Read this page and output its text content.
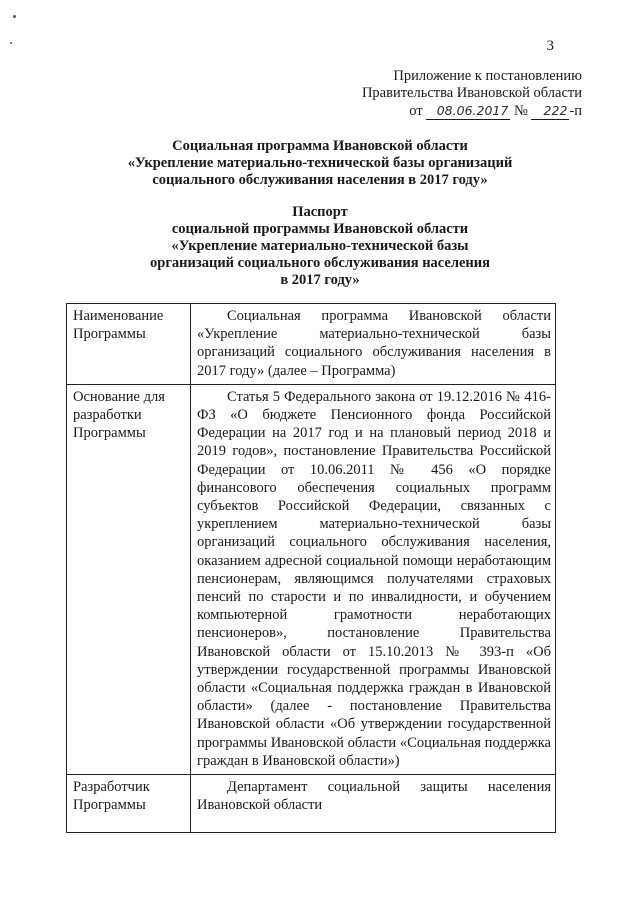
3
Приложение к постановлению
Правительства Ивановской области
от 08.06.2017 № 222 -п
Социальная программа Ивановской области
«Укрепление материально-технической базы организаций
социального обслуживания населения в 2017 году»
Паспорт
социальной программы Ивановской области
«Укрепление материально-технической базы
организаций социального обслуживания населения
в 2017 году»
Наименование Программы	Социальная программа Ивановской области «Укрепление материально-технической базы организаций социального обслуживания населения в 2017 году» (далее – Программа)
Основание для разработки Программы	Статья 5 Федерального закона от 19.12.2016 № 416-ФЗ «О бюджете Пенсионного фонда Российской Федерации на 2017 год и на плановый период 2018 и 2019 годов», постановление Правительства Российской Федерации от 10.06.2011 № 456 «О порядке финансового обеспечения социальных программ субъектов Российской Федерации, связанных с укреплением материально-технической базы организаций социального обслуживания населения, оказанием адресной социальной помощи неработающим пенсионерам, являющимся получателями страховых пенсий по старости и по инвалидности, и обучением компьютерной грамотности неработающих пенсионеров», постановление Правительства Ивановской области от 15.10.2013 № 393-п «Об утверждении государственной программы Ивановской области «Социальная поддержка граждан в Ивановской области» (далее - постановление Правительства Ивановской области «Об утверждении государственной программы Ивановской области «Социальная поддержка граждан в Ивановской области»)
Разработчик Программы	Департамент социальной защиты населения Ивановской области
